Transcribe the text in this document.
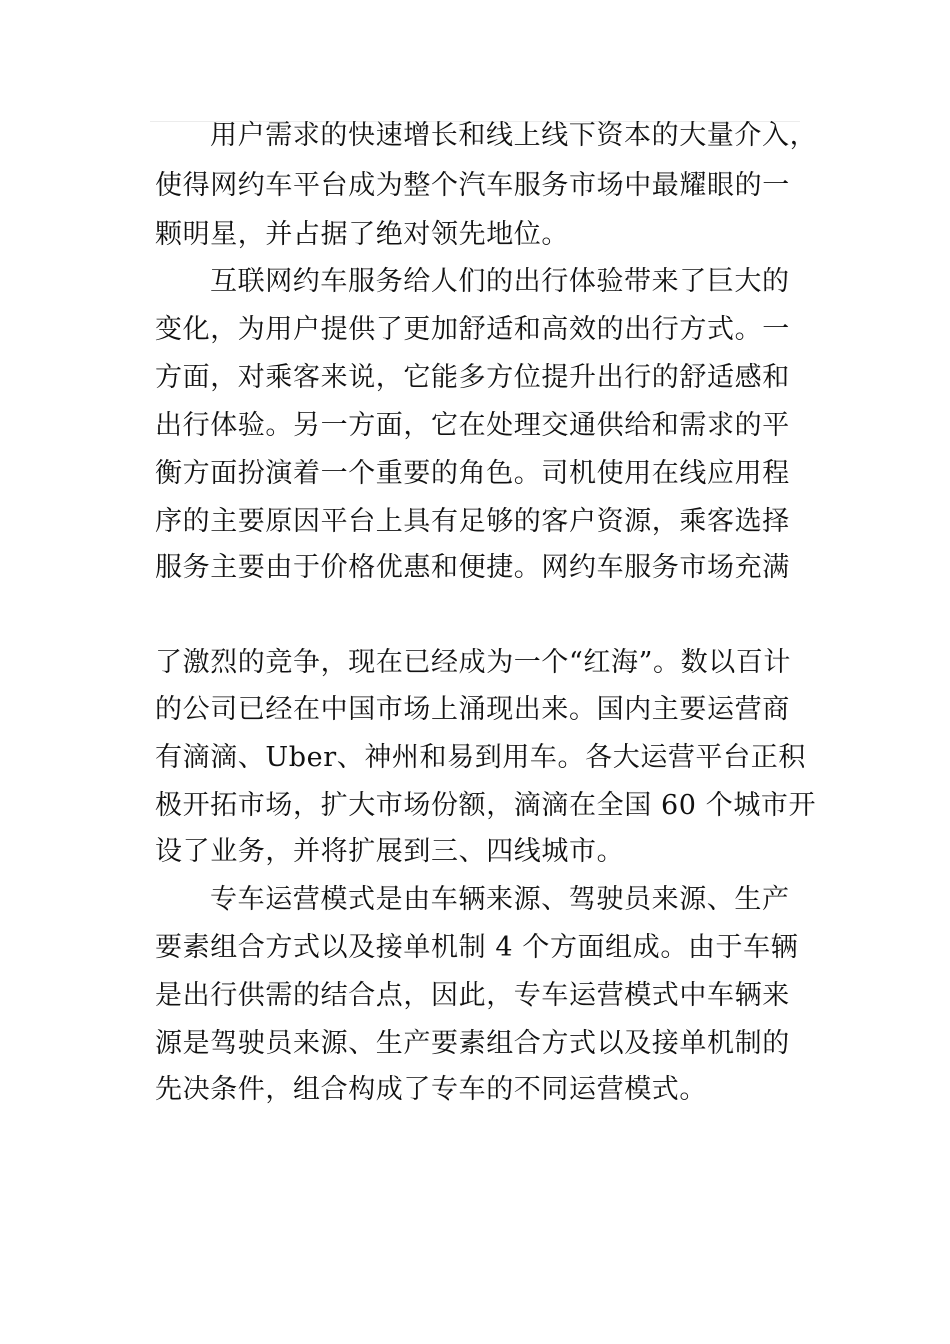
用户需求的快速增长和线上线下资本的大量介入，
使得网约车平台成为整个汽车服务市场中最耀眼的一
颗明星，并占据了绝对领先地位。
互联网约车服务给人们的出行体验带来了巨大的
变化，为用户提供了更加舒适和高效的出行方式。一
方面，对乘客来说，它能多方位提升出行的舒适感和
出行体验。另一方面，它在处理交通供给和需求的平
衡方面扮演着一个重要的角色。司机使用在线应用程
序的主要原因平台上具有足够的客户资源，乘客选择
服务主要由于价格优惠和便捷。网约车服务市场充满
了激烈的竞争，现在已经成为一个“红海”。数以百计
的公司已经在中国市场上涌现出来。国内主要运营商
有滴滴、Uber、神州和易到用车。各大运营平台正积
极开拓市场，扩大市场份额，滴滴在全国 60 个城市开
设了业务，并将扩展到三、四线城市。
专车运营模式是由车辆来源、驾驶员来源、生产
要素组合方式以及接单机制 4 个方面组成。由于车辆
是出行供需的结合点，因此，专车运营模式中车辆来
源是驾驶员来源、生产要素组合方式以及接单机制的
先决条件，组合构成了专车的不同运营模式。
